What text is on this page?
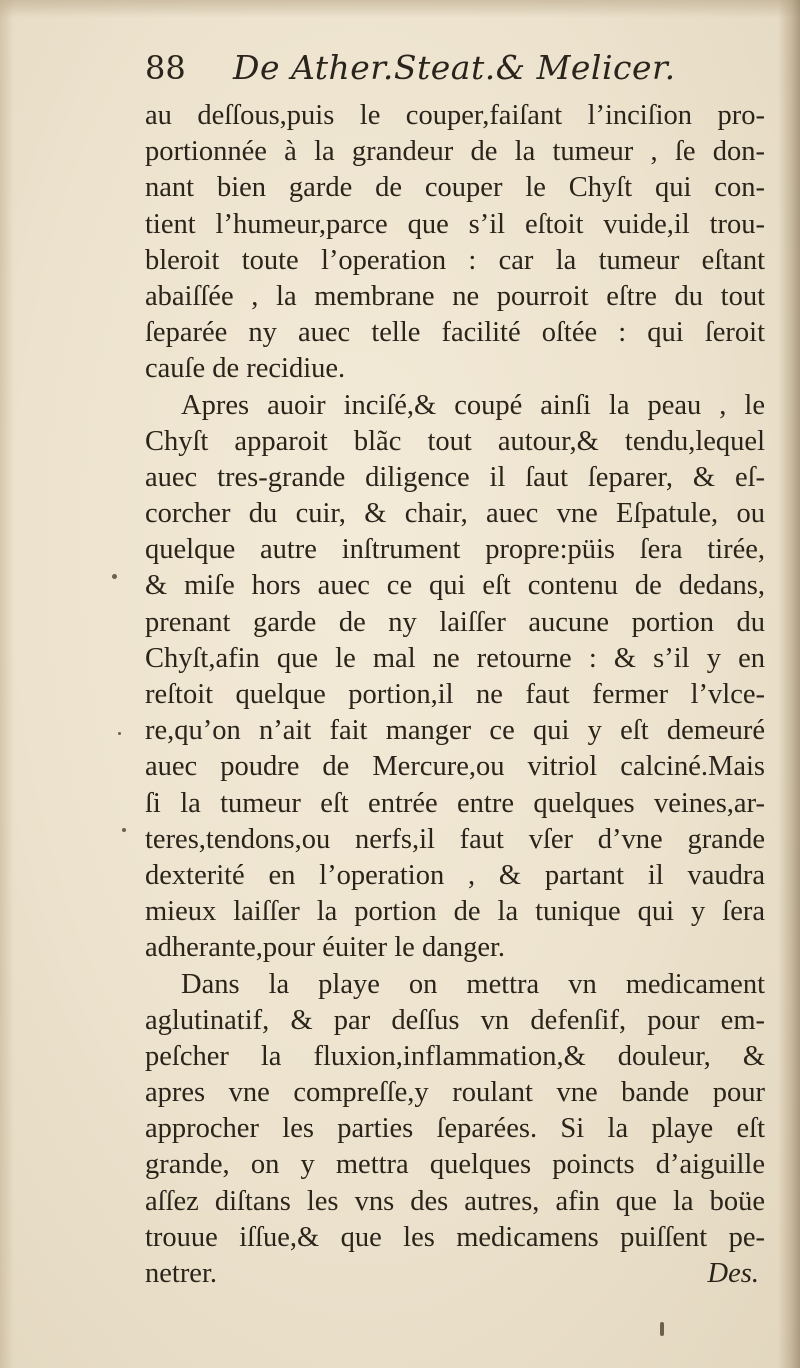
88 De Ather.Steat.& Melicer.
au deſſous,puis le couper,faiſant l’inciſion pro-
portionnée à la grandeur de la tumeur , ſe don-
nant bien garde de couper le Chyſt qui con-
tient l’humeur,parce que s’il eſtoit vuide,il trou-
bleroit toute l’operation : car la tumeur eſtant
abaiſſée , la membrane ne pourroit eſtre du tout
ſeparée ny auec telle facilité oſtée : qui ſeroit
cauſe de recidiue.
Apres auoir inciſé,& coupé ainſi la peau , le
Chyſt apparoit blãc tout autour,& tendu,lequel
auec tres-grande diligence il ſaut ſeparer, & eſ-
corcher du cuir, & chair, auec vne Eſpatule, ou
quelque autre inſtrument propre:püis ſera tirée,
& miſe hors auec ce qui eſt contenu de dedans,
prenant garde de ny laiſſer aucune portion du
Chyſt,afin que le mal ne retourne : & s’il y en
reſtoit quelque portion,il ne faut fermer l’vlce-
re,qu’on n’ait fait manger ce qui y eſt demeuré
auec poudre de Mercure,ou vitriol calciné.Mais
ſi la tumeur eſt entrée entre quelques veines,ar-
teres,tendons,ou nerfs,il faut vſer d’vne grande
dexterité en l’operation , & partant il vaudra
mieux laiſſer la portion de la tunique qui y ſera
adherante,pour éuiter le danger.
Dans la playe on mettra vn medicament
aglutinatif, & par deſſus vn defenſif, pour em-
peſcher la fluxion,inflammation,& douleur, &
apres vne compreſſe,y roulant vne bande pour
approcher les parties ſeparées. Si la playe eſt
grande, on y mettra quelques poincts d’aiguille
aſſez diſtans les vns des autres, afin que la boüe
trouue iſſue,& que les medicamens puiſſent pe-
netrer.	Des.
